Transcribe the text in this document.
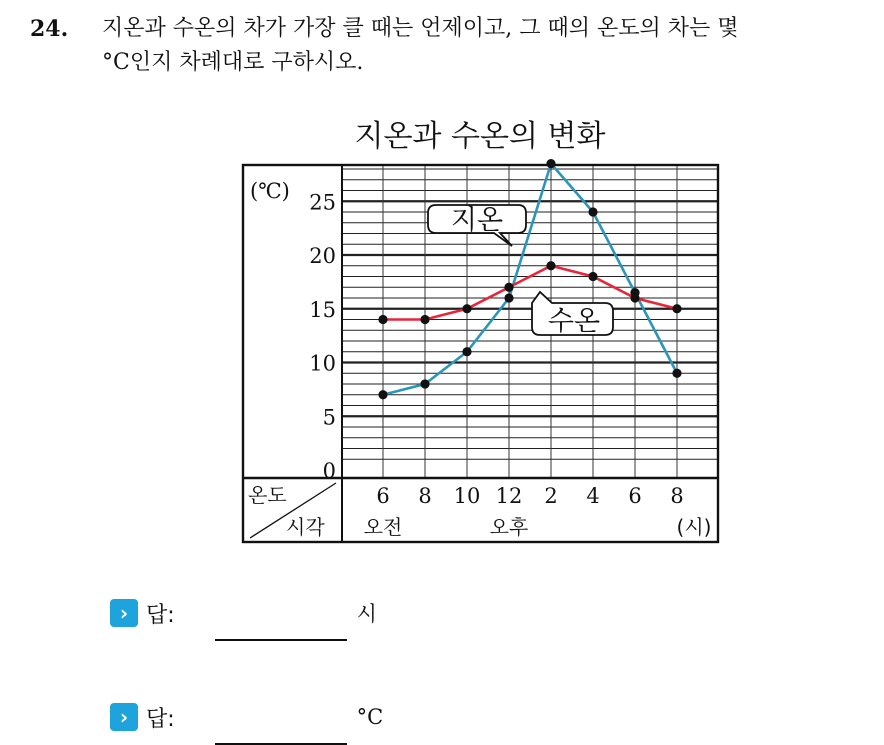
24. 지온과 수온의 차가 가장 클 때는 언제이고, 그 때의 온도의 차는 몇
°C인지 차례대로 구하시오.
지온과 수온의 변화
(℃)
0
5
10
15
20
25
온도
시각
6 8 10 12 2 4 6 8
오전	오후	(시)
지온
수온
› 답:	시
› 답:	°C
